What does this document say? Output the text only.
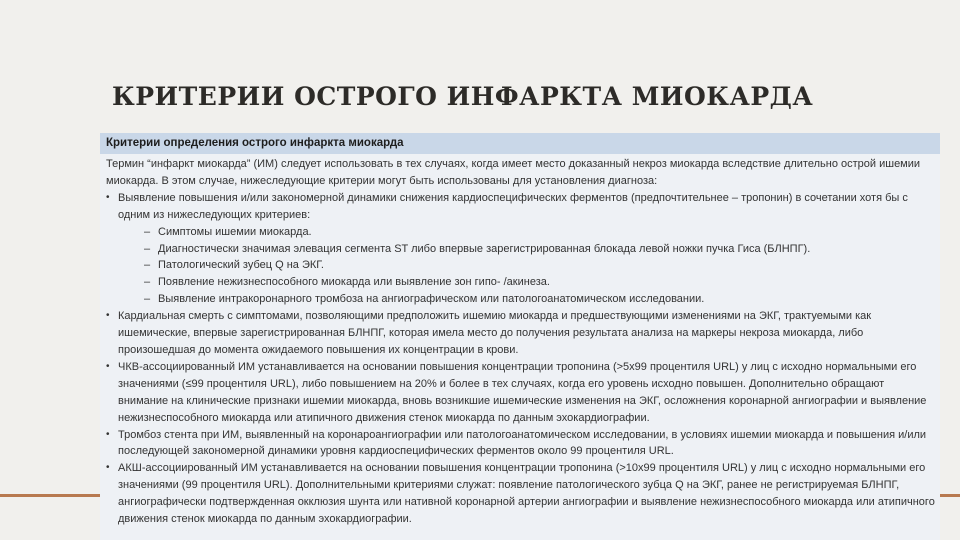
КРИТЕРИИ ОСТРОГО ИНФАРКТА МИОКАРДА
Критерии определения острого инфаркта миокарда

Термин “инфаркт миокарда” (ИМ) следует использовать в тех случаях, когда имеет место доказанный некроз миокарда вследствие длительно острой ишемии миокарда. В этом случае, нижеследующие критерии могут быть использованы для установления диагноза:

• Выявление повышения и/или закономерной динамики снижения кардиоспецифических ферментов (предпочтительнее – тропонин) в сочетании хотя бы с одним из нижеследующих критериев:
– Симптомы ишемии миокарда.
– Диагностически значимая элевация сегмента ST либо впервые зарегистрированная блокада левой ножки пучка Гиса (БЛНПГ).
– Патологический зубец Q на ЭКГ.
– Появление нежизнеспособного миокарда или выявление зон гипо- /акинеза.
– Выявление интракоронарного тромбоза на ангиографическом или патологоанатомическом исследовании.
• Кардиальная смерть с симптомами, позволяющими предположить ишемию миокарда и предшествующими изменениями на ЭКГ, трактуемыми как ишемические, впервые зарегистрированная БЛНПГ, которая имела место до получения результата анализа на маркеры некроза миокарда, либо произошедшая до момента ожидаемого повышения их концентрации в крови.
• ЧКВ-ассоциированный ИМ устанавливается на основании повышения концентрации тропонина (>5х99 процентиля URL) у лиц с исходно нормальными его значениями (≤99 процентиля URL), либо повышением на 20% и более в тех случаях, когда его уровень исходно повышен. Дополнительно обращают внимание на клинические признаки ишемии миокарда, вновь возникшие ишемические изменения на ЭКГ, осложнения коронарной ангиографии и выявление нежизнеспособного миокарда или атипичного движения стенок миокарда по данным эхокардиографии.
• Тромбоз стента при ИМ, выявленный на коронароангиографии или патологоанатомическом исследовании, в условиях ишемии миокарда и повышения и/или последующей закономерной динамики уровня кардиоспецифических ферментов около 99 процентиля URL.
• АКШ-ассоциированный ИМ устанавливается на основании повышения концентрации тропонина (>10х99 процентиля URL) у лиц с исходно нормальными его значениями (99 процентиля URL). Дополнительными критериями служат: появление патологического зубца Q на ЭКГ, ранее не регистрируемая БЛНПГ, ангиографически подтвержденная окклюзия шунта или нативной коронарной артерии ангиографии и выявление нежизнеспособного миокарда или атипичного движения стенок миокарда по данным эхокардиографии.
